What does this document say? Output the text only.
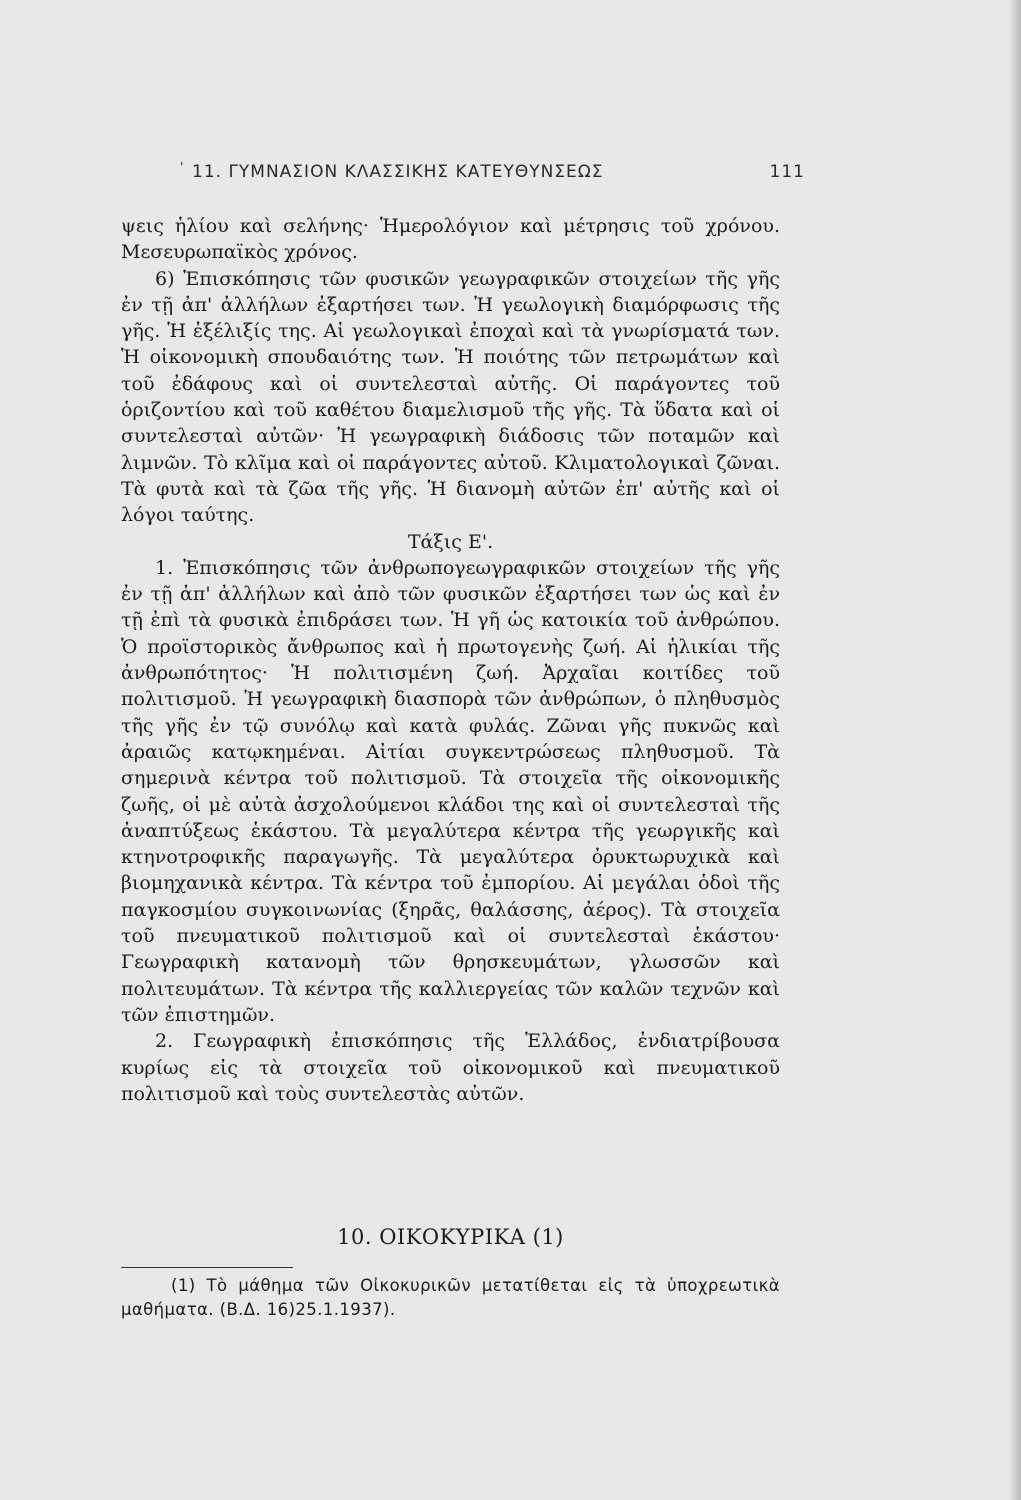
' 11. ΓΥΜΝΑΣΙΟΝ ΚΛΑΣΣΙΚΗΣ ΚΑΤΕΥΘΥΝΣΕΩΣ	111

ψεις ἡλίου καὶ σελήνης· Ἡμερολόγιον καὶ μέτρησις τοῦ χρόνου. Μεσευρωπαϊκὸς χρόνος.

6) Ἐπισκόπησις τῶν φυσικῶν γεωγραφικῶν στοιχείων τῆς γῆς ἐν τῇ ἀπ' ἀλλήλων ἐξαρτήσει των. Ἡ γεωλογικὴ διαμόρφωσις τῆς γῆς. Ἡ ἐξέλιξίς της. Αἱ γεωλογικαὶ ἐποχαὶ καὶ τὰ γνωρίσματά των. Ἡ οἰκονομικὴ σπουδαιότης των. Ἡ ποιότης τῶν πετρωμάτων καὶ τοῦ ἐδάφους καὶ οἱ συντελεσταὶ αὐτῆς. Οἱ παράγοντες τοῦ ὁριζοντίου καὶ τοῦ καθέτου διαμελισμοῦ τῆς γῆς. Τὰ ὕδατα καὶ οἱ συντελεσταὶ αὐτῶν· Ἡ γεωγραφικὴ διάδοσις τῶν ποταμῶν καὶ λιμνῶν. Τὸ κλῖμα καὶ οἱ παράγοντες αὐτοῦ. Κλιματολογικαὶ ζῶναι. Τὰ φυτὰ καὶ τὰ ζῶα τῆς γῆς. Ἡ διανομὴ αὐτῶν ἐπ' αὐτῆς καὶ οἱ λόγοι ταύτης.

Τάξις Ε'.

1. Ἐπισκόπησις τῶν ἀνθρωπογεωγραφικῶν στοιχείων τῆς γῆς ἐν τῇ ἀπ' ἀλλήλων καὶ ἀπὸ τῶν φυσικῶν ἐξαρτήσει των ὡς καὶ ἐν τῇ ἐπὶ τὰ φυσικὰ ἐπιδράσει των. Ἡ γῆ ὡς κατοικία τοῦ ἀνθρώπου. Ὁ προϊστορικὸς ἄνθρωπος καὶ ἡ πρωτογενὴς ζωή. Αἱ ἡλικίαι τῆς ἀνθρωπότητος· Ἡ πολιτισμένη ζωή. Ἀρχαῖαι κοιτίδες τοῦ πολιτισμοῦ. Ἡ γεωγραφικὴ διασπορὰ τῶν ἀνθρώπων, ὁ πληθυσμὸς τῆς γῆς ἐν τῷ συνόλῳ καὶ κατὰ φυλάς. Ζῶναι γῆς πυκνῶς καὶ ἀραιῶς κατῳκημέναι. Αἰτίαι συγκεντρώσεως πληθυσμοῦ. Τὰ σημερινὰ κέντρα τοῦ πολιτισμοῦ. Τὰ στοιχεῖα τῆς οἰκονομικῆς ζωῆς, οἱ μὲ αὐτὰ ἀσχολούμενοι κλάδοι της καὶ οἱ συντελεσταὶ τῆς ἀναπτύξεως ἑκάστου. Τὰ μεγαλύτερα κέντρα τῆς γεωργικῆς καὶ κτηνοτροφικῆς παραγωγῆς. Τὰ μεγαλύτερα ὀρυκτωρυχικὰ καὶ βιομηχανικὰ κέντρα. Τὰ κέντρα τοῦ ἐμπορίου. Αἱ μεγάλαι ὁδοὶ τῆς παγκοσμίου συγκοινωνίας (ξηρᾶς, θαλάσσης, ἀέρος). Τὰ στοιχεῖα τοῦ πνευματικοῦ πολιτισμοῦ καὶ οἱ συντελεσταὶ ἑκάστου· Γεωγραφικὴ κατανομὴ τῶν θρησκευμάτων, γλωσσῶν καὶ πολιτευμάτων. Τὰ κέντρα τῆς καλλιεργείας τῶν καλῶν τεχνῶν καὶ τῶν ἐπιστημῶν.

2. Γεωγραφικὴ ἐπισκόπησις τῆς Ἑλλάδος, ἐνδιατρίβουσα κυρίως εἰς τὰ στοιχεῖα τοῦ οἰκονομικοῦ καὶ πνευματικοῦ πολιτισμοῦ καὶ τοὺς συντελεστὰς αὐτῶν.

10. ΟΙΚΟΚΥΡΙΚΑ (1)
(1) Τὸ μάθημα τῶν Οἰκοκυρικῶν μετατίθεται εἰς τὰ ὑποχρεωτικὰ μαθήματα. (Β.Δ. 16)25.1.1937).
